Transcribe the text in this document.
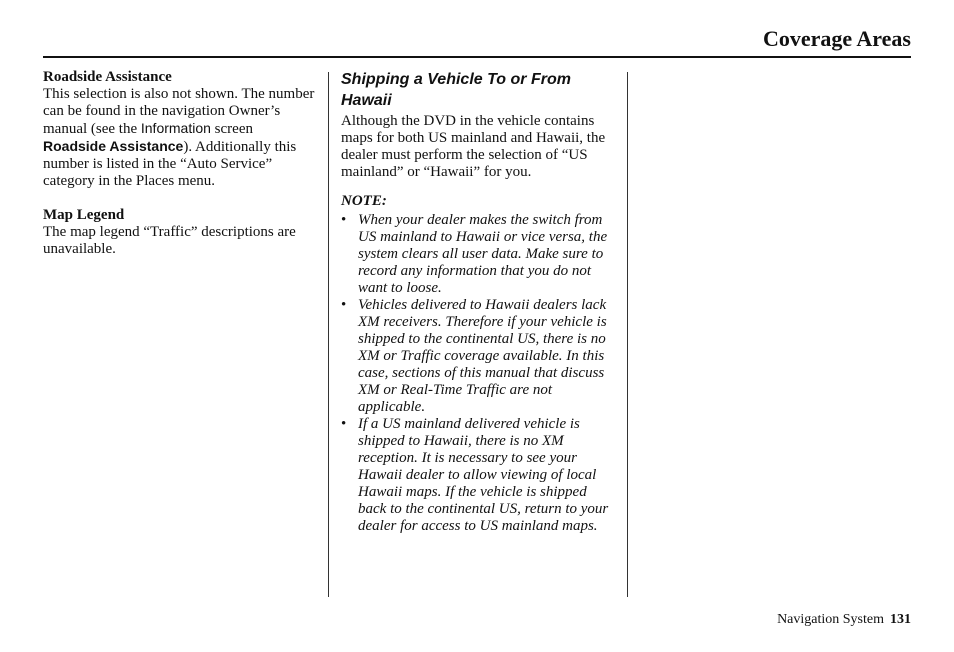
Coverage Areas
Roadside Assistance

This selection is also not shown. The number can be found in the navigation Owner’s manual (see the Information screen Roadside Assistance). Additionally this number is listed in the “Auto Service” category in the Places menu.

Map Legend

The map legend “Traffic” descriptions are unavailable.

Shipping a Vehicle To or From Hawaii

Although the DVD in the vehicle contains maps for both US mainland and Hawaii, the dealer must perform the selection of “US mainland” or “Hawaii” for you.

NOTE:
• When your dealer makes the switch from US mainland to Hawaii or vice versa, the system clears all user data. Make sure to record any information that you do not want to loose.
• Vehicles delivered to Hawaii dealers lack XM receivers. Therefore if your vehicle is shipped to the continental US, there is no XM or Traffic coverage available. In this case, sections of this manual that discuss XM or Real-Time Traffic are not applicable.
• If a US mainland delivered vehicle is shipped to Hawaii, there is no XM reception. It is necessary to see your Hawaii dealer to allow viewing of local Hawaii maps. If the vehicle is shipped back to the continental US, return to your dealer for access to US mainland maps.
Navigation System 131
